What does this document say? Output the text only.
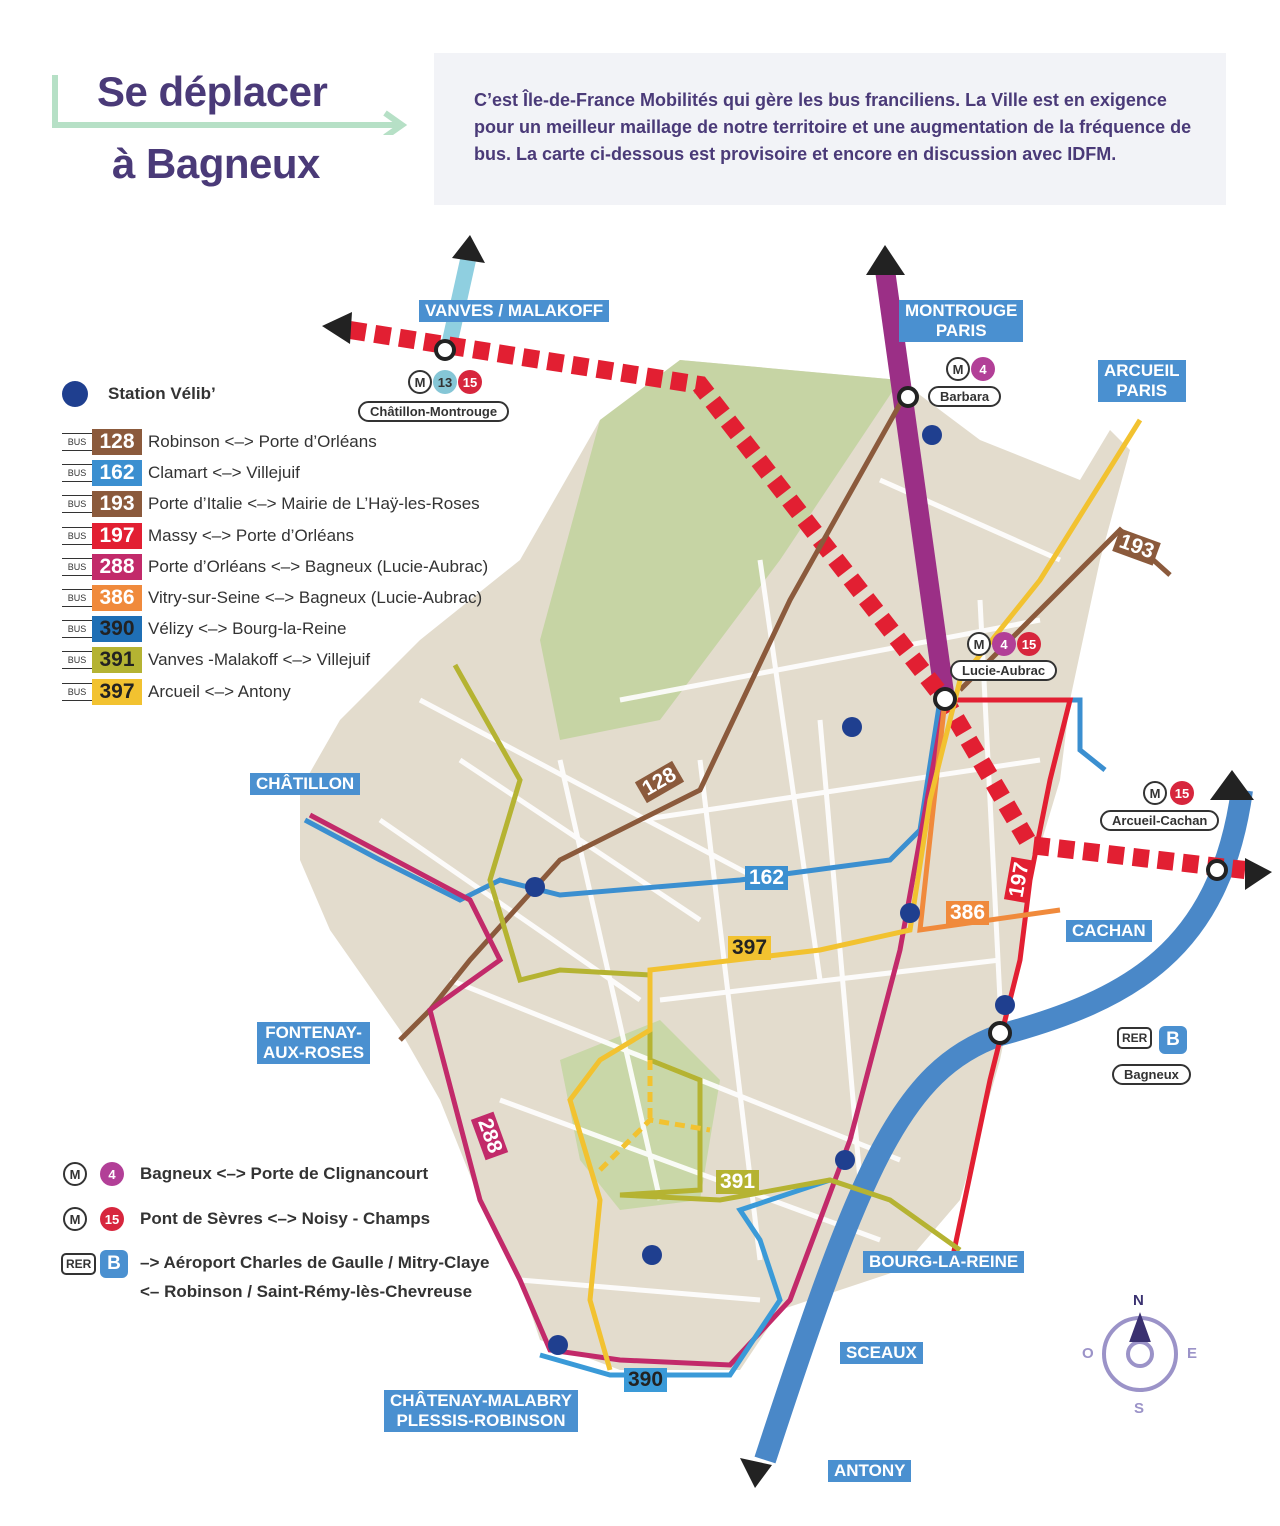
Se déplacer
à Bagneux
C’est Île-de-France Mobilités qui gère les bus franciliens. La Ville est en exigence pour un meilleur maillage de notre territoire et une augmentation de la fréquence de bus. La carte ci-dessous est provisoire et encore en discussion avec IDFM.
N
S
E
O
VANVES / MALAKOFF	MONTROUGE
PARIS
ARCUEIL
PARIS
CHÂTILLON
FONTENAY-
AUX-ROSES
CACHAN
BOURG-LA-REINE
SCEAUX
CHÂTENAY-MALABRY
PLESSIS-ROBINSON
ANTONY
M 13 15
Châtillon-Montrouge
M	4
Barbara
M	4	15
Lucie-Aubrac
M	15
Arcueil-Cachan
RER B
Bagneux
128
162
193
197
288
386
390
391
397
Station Vélib’
BUS 128 Robinson <–> Porte d’Orléans
BUS 162 Clamart <–> Villejuif
BUS 193 Porte d’Italie <–> Mairie de L’Haÿ-les-Roses
BUS 197 Massy <–> Porte d’Orléans
BUS 288 Porte d’Orléans <–> Bagneux (Lucie-Aubrac)
BUS 386 Vitry-sur-Seine <–> Bagneux (Lucie-Aubrac)
BUS 390 Vélizy <–> Bourg-la-Reine
BUS 391 Vanves -Malakoff <–> Villejuif
BUS 397 Arcueil <–> Antony
M	4	Bagneux <–> Porte de Clignancourt
M	15 Pont de Sèvres <–> Noisy - Champs
RER B	–> Aéroport Charles de Gaulle / Mitry-Claye
<– Robinson / Saint-Rémy-lès-Chevreuse
